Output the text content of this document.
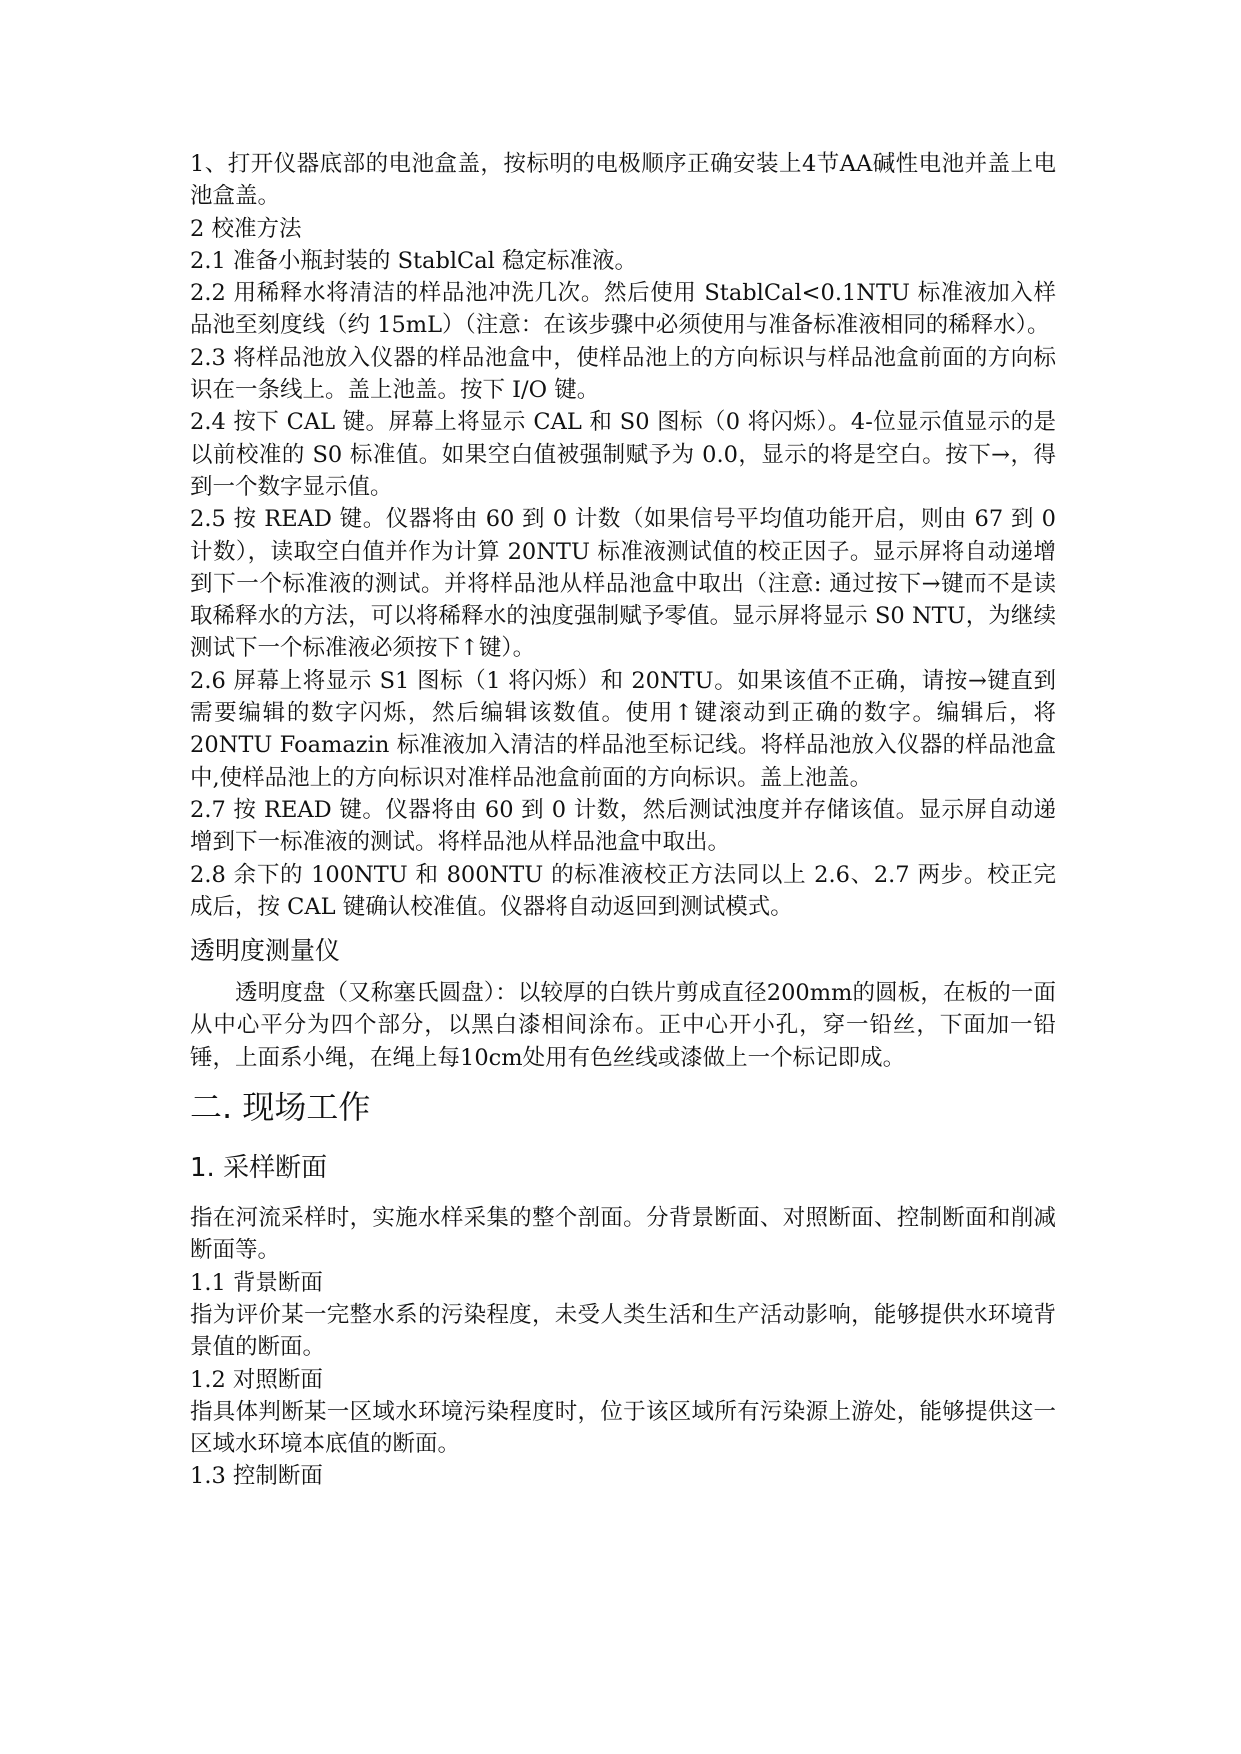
1、打开仪器底部的电池盒盖，按标明的电极顺序正确安装上4节AA碱性电池并盖上电池盒盖。

2 校准方法

2.1 准备小瓶封装的 StablCal 稳定标准液。

2.2 用稀释水将清洁的样品池冲洗几次。然后使用 StablCal<0.1NTU 标准液加入样品池至刻度线（约 15mL）（注意：在该步骤中必须使用与准备标准液相同的稀释水）。

2.3 将样品池放入仪器的样品池盒中，使样品池上的方向标识与样品池盒前面的方向标识在一条线上。盖上池盖。按下 I/O 键。

2.4 按下 CAL 键。屏幕上将显示 CAL 和 S0 图标（0 将闪烁）。4-位显示值显示的是以前校准的 S0 标准值。如果空白值被强制赋予为 0.0，显示的将是空白。按下→，得到一个数字显示值。

2.5 按 READ 键。仪器将由 60 到 0 计数（如果信号平均值功能开启，则由 67 到 0 计数），读取空白值并作为计算 20NTU 标准液测试值的校正因子。显示屏将自动递增到下一个标准液的测试。并将样品池从样品池盒中取出（注意: 通过按下→键而不是读取稀释水的方法，可以将稀释水的浊度强制赋予零值。显示屏将显示 S0 NTU，为继续测试下一个标准液必须按下↑键）。

2.6 屏幕上将显示 S1 图标（1 将闪烁）和 20NTU。如果该值不正确，请按→键直到需要编辑的数字闪烁，然后编辑该数值。使用↑键滚动到正确的数字。编辑后，将 20NTU Foamazin 标准液加入清洁的样品池至标记线。将样品池放入仪器的样品池盒中,使样品池上的方向标识对准样品池盒前面的方向标识。盖上池盖。

2.7 按 READ 键。仪器将由 60 到 0 计数，然后测试浊度并存储该值。显示屏自动递增到下一标准液的测试。将样品池从样品池盒中取出。

2.8 余下的 100NTU 和 800NTU 的标准液校正方法同以上 2.6、2.7 两步。校正完成后，按 CAL 键确认校准值。仪器将自动返回到测试模式。

透明度测量仪

透明度盘（又称塞氏圆盘）：以较厚的白铁片剪成直径200mm的圆板，在板的一面从中心平分为四个部分，以黑白漆相间涂布。正中心开小孔，穿一铅丝，下面加一铅锤，上面系小绳，在绳上每10cm处用有色丝线或漆做上一个标记即成。

二. 现场工作
1. 采样断面

指在河流采样时，实施水样采集的整个剖面。分背景断面、对照断面、控制断面和削减断面等。

1.1 背景断面

指为评价某一完整水系的污染程度，未受人类生活和生产活动影响，能够提供水环境背景值的断面。

1.2 对照断面

指具体判断某一区域水环境污染程度时，位于该区域所有污染源上游处，能够提供这一区域水环境本底值的断面。

1.3 控制断面
